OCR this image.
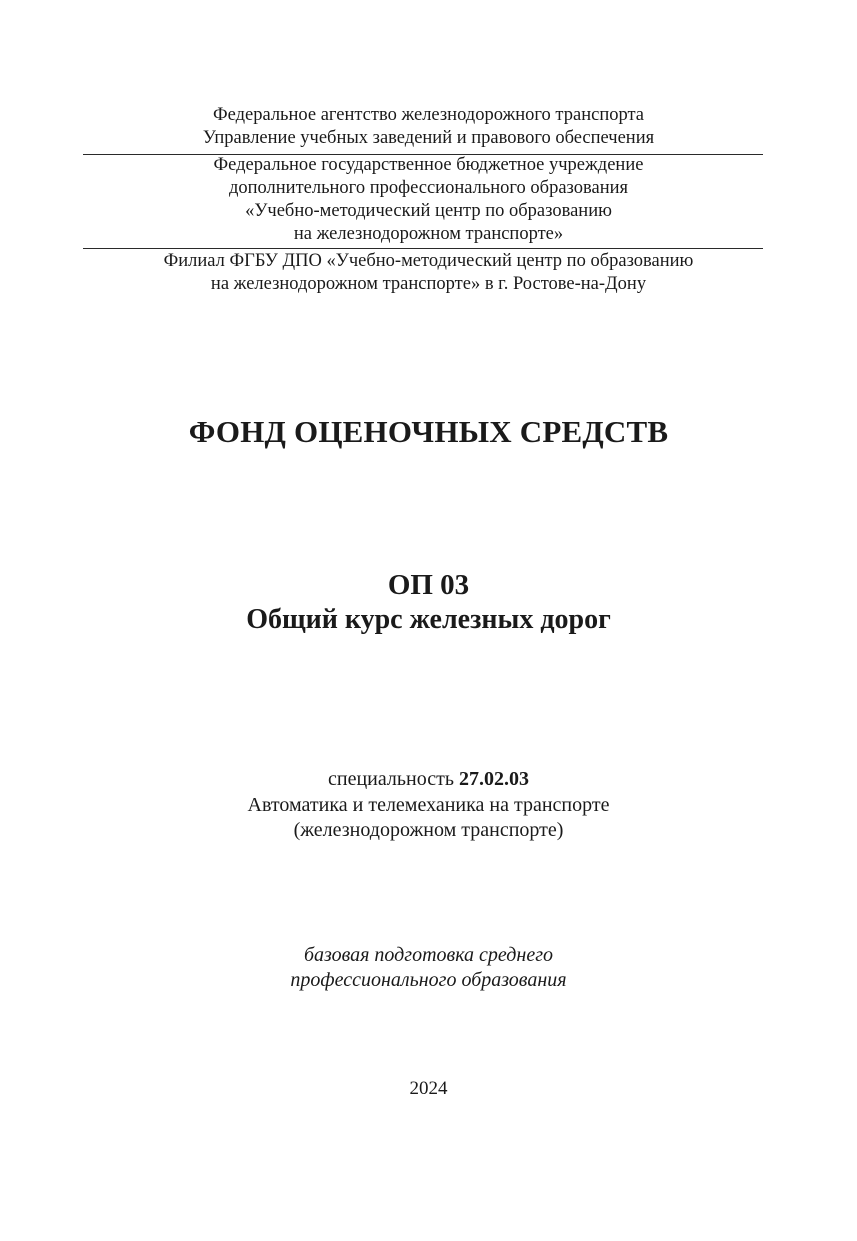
Федеральное агентство железнодорожного транспорта
Управление учебных заведений и правового обеспечения
Федеральное государственное бюджетное учреждение
дополнительного профессионального образования
«Учебно-методический центр по образованию
на железнодорожном транспорте»
Филиал ФГБУ ДПО «Учебно-методический центр по образованию
на железнодорожном транспорте» в г. Ростове-на-Дону
ФОНД ОЦЕНОЧНЫХ СРЕДСТВ
ОП 03
Общий курс железных дорог
специальность 27.02.03
Автоматика и телемеханика на транспорте
(железнодорожном транспорте)
базовая подготовка среднего
профессионального образования
2024
